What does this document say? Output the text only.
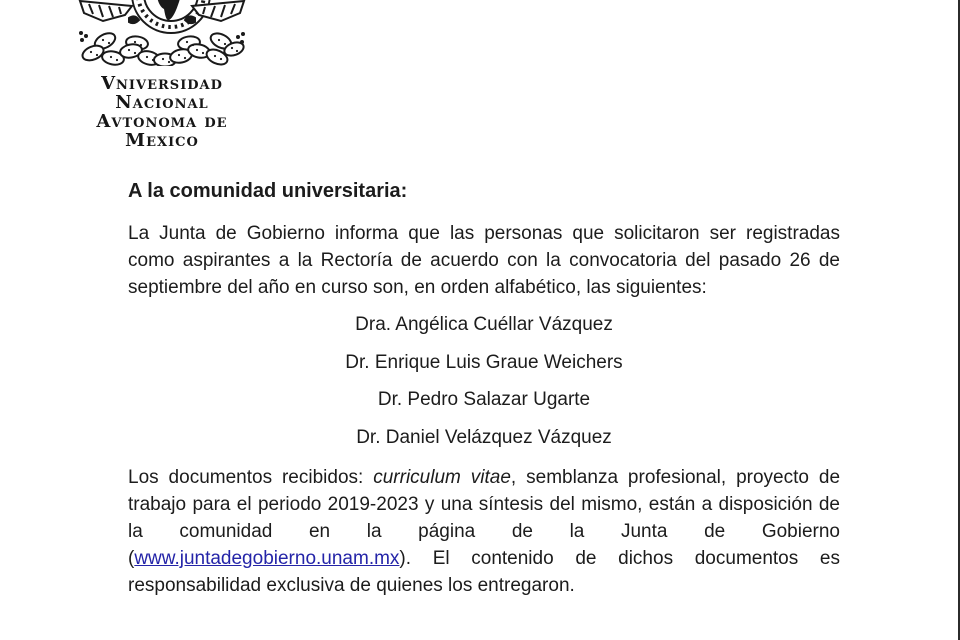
Vniversidad Nacional
Avtonoma de
Mexico

A la comunidad universitaria:

La Junta de Gobierno informa que las personas que solicitaron ser registradas
como aspirantes a la Rectoría de acuerdo con la convocatoria del pasado 26 de
septiembre del año en curso son, en orden alfabético, las siguientes:
Dra. Angélica Cuéllar Vázquez
Dr. Enrique Luis Graue Weichers
Dr. Pedro Salazar Ugarte
Dr. Daniel Velázquez Vázquez
Los documentos recibidos: curriculum vitae, semblanza profesional, proyecto de
trabajo para el periodo 2019-2023 y una síntesis del mismo, están a disposición de
la comunidad en la página de la Junta de Gobierno
(www.juntadegobierno.unam.mx). El contenido de dichos documentos es
responsabilidad exclusiva de quienes los entregaron.
